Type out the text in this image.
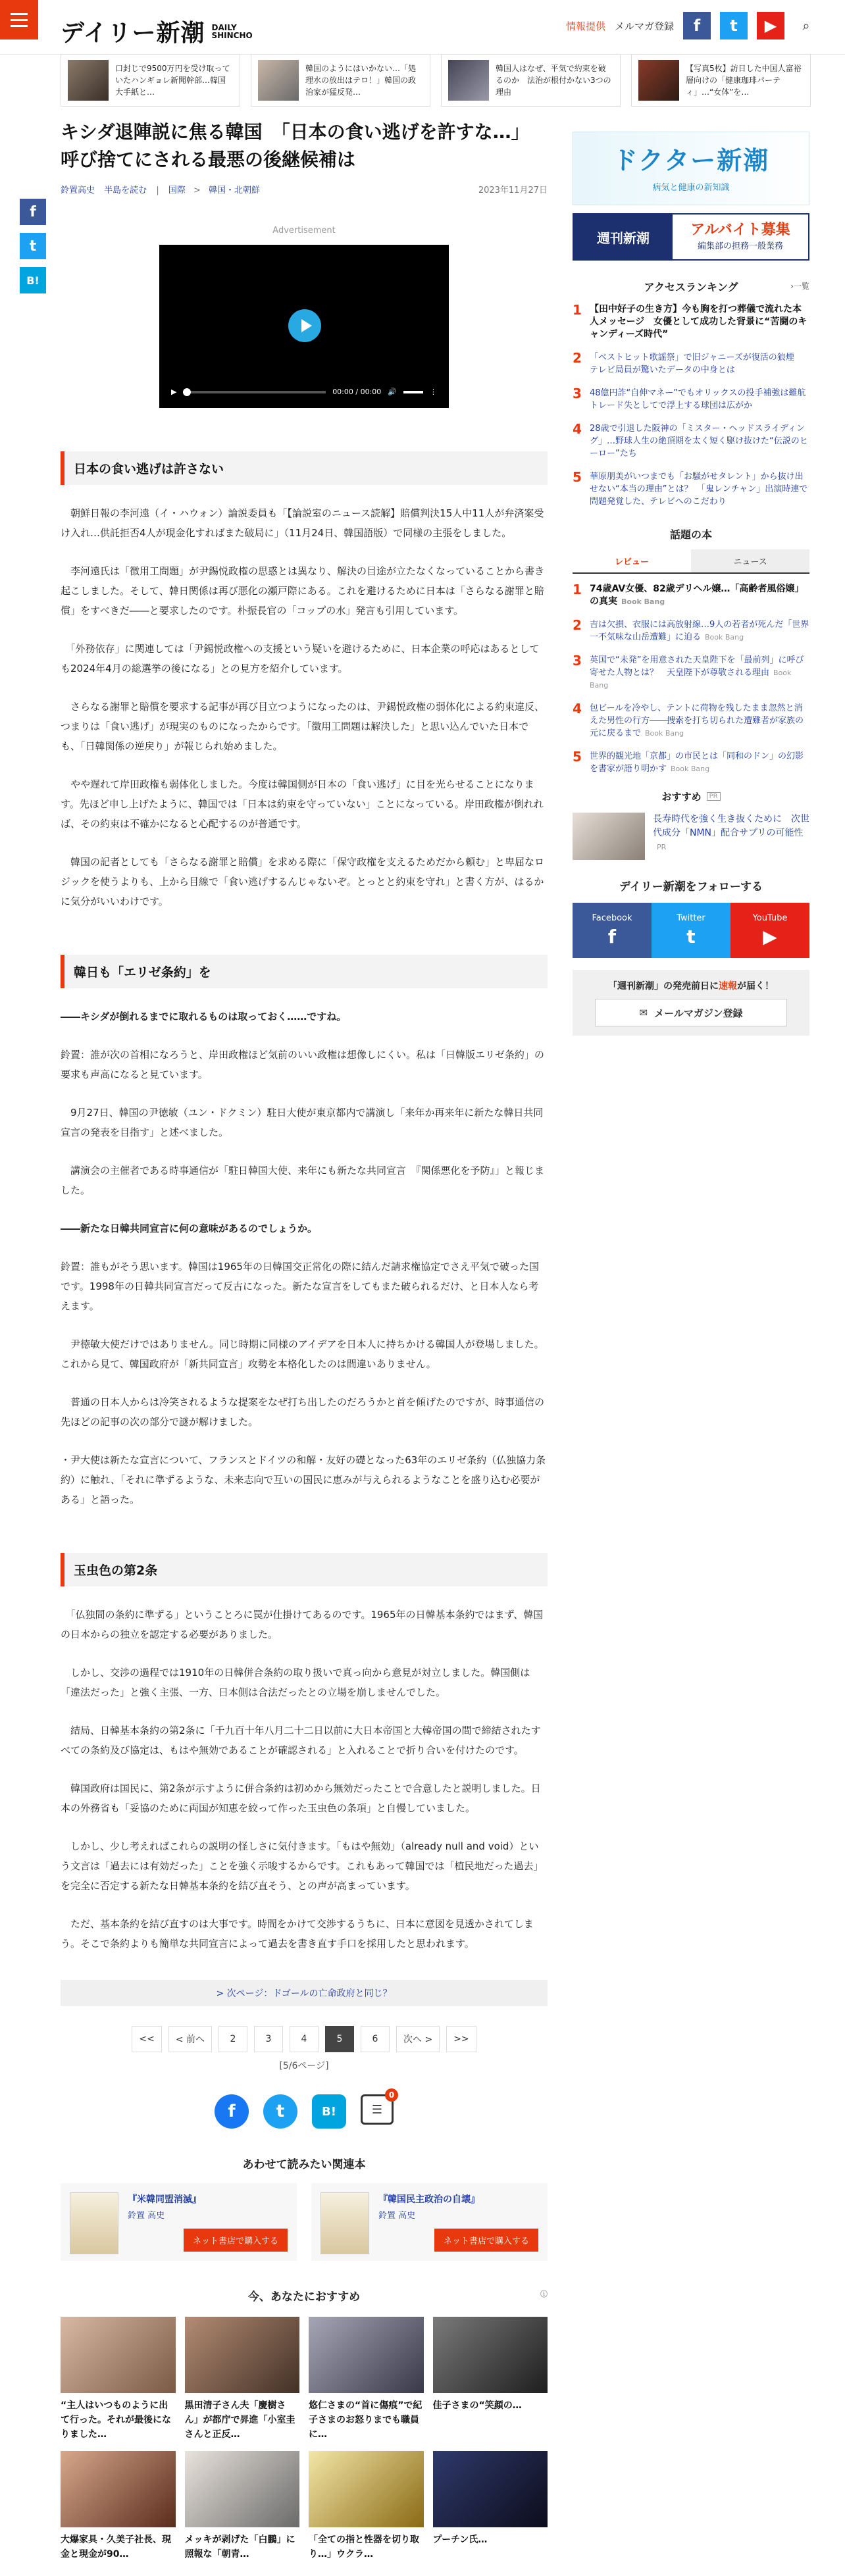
デイリー新潮 DAILY
SHINCHO
情報提供 メルマガ登録	f	t	▶	⌕
口封じで9500万円を受け取っていたハンギョレ新聞幹部…韓国大手紙と…
韓国のようにはいかない…「処理水の放出はテロ！」韓国の政治家が猛反発…
韓国人はなぜ、平気で約束を破るのか　法治が根付かない3つの理由
【写真5枚】訪日した中国人富裕層向けの「健康珈琲パーティ」…“女体”を…
f
t
B!
キシダ退陣説に焦る韓国　「日本の食い逃げを許すな…」呼び捨てにされる最悪の後継候補は
鈴置高史 半島を読む | 国際 > 韓国・北朝鮮	2023年11月27日
Advertisement
▶	00:00 / 00:00 🔊	⋮
日本の食い逃げは許さない

　朝鮮日報の李河遠（イ・ハウォン）論説委員も「【論説室のニュース読解】賠償判決15人中11人が弁済案受け入れ…供託拒否4人が現金化すればまた破局に」（11月24日、韓国語版）で同様の主張をしました。

　李河遠氏は「徴用工問題」が尹錫悦政権の思惑とは異なり、解決の目途が立たなくなっていることから書き起こしました。そして、韓日関係は再び悪化の瀬戸際にある。これを避けるために日本は「さらなる謝罪と賠償」をすべきだ――と要求したのです。朴振長官の「コップの水」発言も引用しています。

　「外務依存」に関連しては「尹錫悦政権への支援という疑いを避けるために、日本企業の呼応はあるとしても2024年4月の総選挙の後になる」との見方を紹介しています。

　さらなる謝罪と賠償を要求する記事が再び目立つようになったのは、尹錫悦政権の弱体化による約束違反、つまりは「食い逃げ」が現実のものになったからです。「徴用工問題は解決した」と思い込んでいた日本でも、「日韓関係の逆戻り」が報じられ始めました。

　やや遅れて岸田政権も弱体化しました。今度は韓国側が日本の「食い逃げ」に目を光らせることになります。先ほど申し上げたように、韓国では「日本は約束を守っていない」ことになっている。岸田政権が倒れれば、その約束は不確かになると心配するのが普通です。

　韓国の記者としても「さらなる謝罪と賠償」を求める際に「保守政権を支えるためだから頼む」と卑屈なロジックを使うよりも、上から目線で「食い逃げするんじゃないぞ。とっとと約束を守れ」と書く方が、はるかに気分がいいわけです。

韓日も「エリゼ条約」を

――キシダが倒れるまでに取れるものは取っておく……ですね。

鈴置：誰が次の首相になろうと、岸田政権ほど気前のいい政権は想像しにくい。私は「日韓版エリゼ条約」の要求も声高になると見ています。

　9月27日、韓国の尹徳敏（ユン・ドクミン）駐日大使が東京都内で講演し「来年か再来年に新たな韓日共同宣言の発表を目指す」と述べました。

　講演会の主催者である時事通信が「駐日韓国大使、来年にも新たな共同宣言　『関係悪化を予防』」と報じました。

――新たな日韓共同宣言に何の意味があるのでしょうか。

鈴置：誰もがそう思います。韓国は1965年の日韓国交正常化の際に結んだ請求権協定でさえ平気で破った国です。1998年の日韓共同宣言だって反古になった。新たな宣言をしてもまた破られるだけ、と日本人なら考えます。

　尹徳敏大使だけではありません。同じ時期に同様のアイデアを日本人に持ちかける韓国人が登場しました。これから見て、韓国政府が「新共同宣言」攻勢を本格化したのは間違いありません。

　普通の日本人からは冷笑されるような提案をなぜ打ち出したのだろうかと首を傾げたのですが、時事通信の先ほどの記事の次の部分で謎が解けました。

・尹大使は新たな宣言について、フランスとドイツの和解・友好の礎となった63年のエリゼ条約（仏独協力条約）に触れ、「それに準ずるような、未来志向で互いの国民に恵みが与えられるようなことを盛り込む必要がある」と語った。

玉虫色の第2条

　「仏独間の条約に準ずる」ということろに罠が仕掛けてあるのです。1965年の日韓基本条約ではまず、韓国の日本からの独立を認定する必要がありました。

　しかし、交渉の過程では1910年の日韓併合条約の取り扱いで真っ向から意見が対立しました。韓国側は「違法だった」と強く主張、一方、日本側は合法だったとの立場を崩しませんでした。

　結局、日韓基本条約の第2条に「千九百十年八月二十二日以前に大日本帝国と大韓帝国の間で締結されたすべての条約及び協定は、もはや無効であることが確認される」と入れることで折り合いを付けたのです。

　韓国政府は国民に、第2条が示すように併合条約は初めから無効だったことで合意したと説明しました。日本の外務省も「妥協のために両国が知恵を絞って作った玉虫色の条項」と自慢していました。

　しかし、少し考えればこれらの説明の怪しさに気付きます。「もはや無効」（already null and void）という文言は「過去には有効だった」ことを強く示唆するからです。これもあって韓国では「植民地だった過去」を完全に否定する新たな日韓基本条約を結び直そう、との声が高まっています。

　ただ、基本条約を結び直すのは大事です。時間をかけて交渉するうちに、日本に意図を見透かされてしまう。そこで条約よりも簡単な共同宣言によって過去を書き直す手口を採用したと思われます。

> 次ページ：ドゴールの亡命政府と同じ？
<<	< 前へ	2	3	4	5	6	次へ >	>>
[5/6ページ]
f	t	B!	☰
0
あわせて読みたい関連本
『米韓同盟消滅』
鈴置 高史
ネット書店で購入する
『韓国民主政治の自壊』
鈴置 高史
ネット書店で購入する
今、あなたにおすすめ	ⓘ
“主人はいつものように出て行った。それが最後になりました…
黒田清子さん夫「慶樹さん」が都庁で昇進「小室圭さんと正反…
悠仁さまの“首に傷痕”で紀子さまのお怒りまでも職員に…
佳子さまの“笑顔の…
大爆家具・久美子社長、現金と現金が90…
メッキが剥げた「白鵬」に照報な「朝青…
「全ての指と性器を切り取り…」ウクラ…
プーチン氏…
ドクター新潮
病気と健康の新知識
週刊新潮	アルバイト募集
編集部の担務一般業務
アクセスランキング	›一覧
1 【田中好子の生き方】今も胸を打つ葬儀で流れた本人メッセージ　女優として成功した背景に“苦闘のキャンディーズ時代”
2 「ベストヒット歌謡祭」で旧ジャニーズが復活の狼煙　テレビ局員が驚いたデータの中身とは
3 48億円詐“自伸マネー”でもオリックスの投手補強は難航　トレード失としてで浮上する球団は広がか
4 28歳で引退した阪神の「ミスター・ヘッドスライディング」…野球人生の絶頂期を太く短く駆け抜けた“伝説のヒーロー”たち
5 華原朋美がいつまでも「お騒がせタレント」から抜け出せない“本当の理由”とは？　「鬼レンチャン」出演時連で問題発覚した、テレビへのこだわり
話題の本
レビュー	ニュース
1 74歳AV女優、82歳デリヘル嬢…「高齢者風俗嬢」の真実 Book Bang
2 吉は欠損、衣服には高放射線…9人の若者が死んだ「世界一不気味な山岳遭難」に迫る Book Bang
3 英国で“未発”を用意された天皇陛下を「最前列」に呼び寄せた人物とは？　天皇陛下が尊敬される理由 Book Bang
4 包ビールを冷やし、テントに荷物を残したまま忽然と消えた男性の行方――捜索を打ち切られた遭難者が家族の元に戻るまで Book Bang
5 世界的観光地「京都」の市民とは「同和のドン」の幻影を書家が語り明かす Book Bang
おすすめ	PR
長寿時代を強く生き抜くために　次世代成分「NMN」配合サプリの可能性 PR
デイリー新潮をフォローする
Facebook
f
Twitter
t
YouTube
▶
「週刊新潮」の発売前日に速報が届く！
✉ メールマガジン登録
